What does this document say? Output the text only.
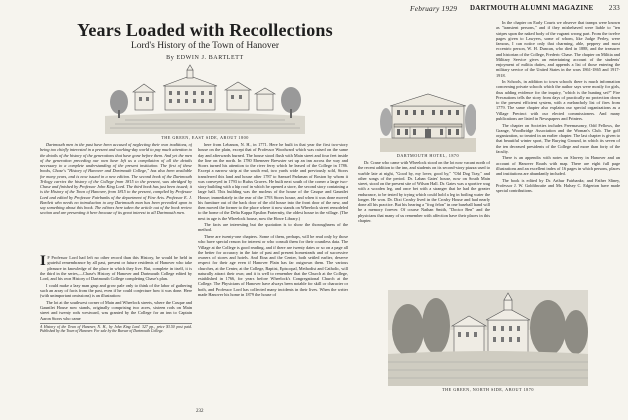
February 1929 DARTMOUTH ALUMNI MAGAZINE 233
Years Loaded with Recollections
Lord's History of the Town of Hanover
By EDWIN J. BARTLETT
THE GREEN, EAST SIDE, ABOUT 1800

Dartmouth men in the past have been accused of neglecting their own traditions, of being too chiefly interested in a present and working-day world to pay much attention to the details of the history of the generations that have gone before them. And yet the men of the generation preceding our own have left us a compilation of all the details necessary to a complete understanding of the present institution. The first of these books, Chase's "History of Hanover and Dartmouth College," has also been available for many years, and is now issued in a new edition. The second book of the Dartmouth Trilogy carries the history of the College from 1815 to the present, was abridged by Chase and finished by Professor John King Lord. The third book has just been issued; it is the History of the Town of Hanover, from 1815 to the present, compiled by Professor Lord and edited by Professor Fairbanks of the department of Fine Arts. Professor E. J. Bartlett who needs no introduction to any Dartmouth man has been prevailed upon to say something about this book. The editors here taken the article out of the book review section and are presenting it here because of its great interest to all Dartmouth men.

I F Professor Lord had left no other record than this History, he would be held in grateful remembrance by all past, present or future residents of Hanover who take pleasure in knowledge of the place in which they live. But, complete in itself, it is the third in the series,—Chase's History of Hanover and Dartmouth College edited by Lord, and his own History of Dartmouth College completing Chase's plan.

I could make a lazy man gasp and grow pale only to think of the labor of gathering such an array of facts from the past, even if he could conjecture how it was done. Here (with unimportant omissions) is an illustration:

The lot at the southwest corner of Main and Wheelock streets, where the Casque and Gauntlet House now stands, originally comprising two acres, sixteen rods on Main street and twenty rods westward, was granted by the College for an inn to Captain Aaron Storrs who came

A History of the Town of Hanover, N. H., by John King Lord. 327 pp., price $3.50 post paid. Published by the Town of Hanover. For sale by the Bursar of Dartmouth College.

here from Lebanon, N. H., in 1771. Here he built in that year the first two-story house on the plain, except that of Professor Woodward which was raised on the same day and afterwards burned. The house stood flush with Main street and four feet inside the line on the north. In 1780 Ebenezer Brewster set up an inn across the way and Storrs turned his attention to the river ferry which he leased of the College in 1786. Except a narrow strip at the south end, two yards wide and previously sold, Storrs transferred this land and house after 1787 to Samuel Parkman of Boston by whom it was conveyed in 1793 to Rufus Graves. He built next south of the corner a large two-story building with a hip roof in which he opened a store, the second story containing a large hall. This building was the nucleus of the house of the Casque and Gauntlet House; immediately in the rear of the 1793 Storrs house, and when it was done moved his furniture out of the back door of the old house into the front door of the new, and then moved the former to the place where it now stands on Wheelock street remodeled to the home of the Delta Kappa Epsilon Fraternity, the oldest house in the village. (The next in age is the Wheelock house, now the Howe Library.)

The facts are interesting but the quotation is to show the thoroughness of the method.

There are twenty-one chapters. Some of them, perhaps, will be read only by those who have special reason for interest or who consult them for their countless data. The Village at the College is good reading, and if there are twenty dates or so on a page all the better for accuracy in the fate of past and present homesteads and of successive owners of stores and hotels. And Etna and the Center, both settled earlier, deserve respect for their age even if Hanover Plain has far outgrown them. The various churches, at the Center, at the College, Baptist, Episcopal, Methodist and Catholic, will naturally attract their own; and it is well to remember that the Church at the College, established in 1766, for years before Wheelock's Congregational Church at the College. The Physicians of Hanover have always been notable for skill or character or both, and Professor Lord has collected many incidents in their lives. When the writer made Hanover his home in 1879 the house of

232
DARTMOUTH HOTEL, 1870

Dr. Crane who came with Wheelock stood on the lot now vacant north of the recent addition to the inn, and students on its second-story piazza used to warble late at night, "Good by, my lover, good by," "Old Dog Tray," and other songs of the period. Dr. Laban Gates' house, now on South Main street, stood on the present site of Wilson Hall. Dr. Gates was a sportive wag with a wooden leg, and once bet with a stranger that he had the greater endurance, to be tested by trying which could hold a leg in boiling water the longer. He won. Dr. Dixi Crosby lived in the Crosby House and had nearly done all his practice. But his hearing a "frog felon" in one baseball hand will be a memory forever. Of course Nathan Smith, "Doctor Ben" and the physicians that many of us remember with affection have their places in this chapter.

In the chapter on Early Courts we observe that tramps were known as "transient persons," and if they misbehaved were liable to "ten stripes upon the naked body of the vagrant wrong part. From the twelve pages given to Lawyers, some of whom, like Judge Perley, were famous, I can notice only that charming, able, peppery and most eccentric person, W. H. Duncan, who died in 1888, and the treasurer and historian of the College, Frederic Chase. The chapter on Militia and Military Service gives an entertaining account of the students' enjoyment of militia duties, and appends a list of those entering the military service of the United States in the wars 1861-1865 and 1917-1918.

In Schools, in addition to town schools there is much information concerning private schools which the author says were mostly for girls, thus adding evidence for the inquiry, "which is the hunting set?" Fire Precautions tells the story from days of practically no protection down to the present efficient system, with a melancholy list of fires from 1779. The same chapter also explains our special organizations as a Village Precinct with our elected commissioners. And many publications are listed in Newspapers and Printers.

The chapter on Societies includes Freemasonry, Odd Fellows, the Grange, Woodbridge Association and the Woman's Club. The golf organization, so treated in an earlier chapter. The last chapter is given to that beautiful winter sport, The Burying Ground, in which its seven of the ten deceased presidents of the College and more than forty of the faculty.

There is an appendix with notes on Slavery in Hanover and an account of Hanover Roads with map. There are eight full page illustrations and an excellent index of 16 pages in which persons, places and institutions are abundantly included.

The book is edited by Dr. Arthur Fairbanks; and Father Sliney, Professor J. W. Goldthwaite and Mr. Halsey C. Edgerton have made special contributions.

THE GREEN, NORTH SIDE, ABOUT 1870
